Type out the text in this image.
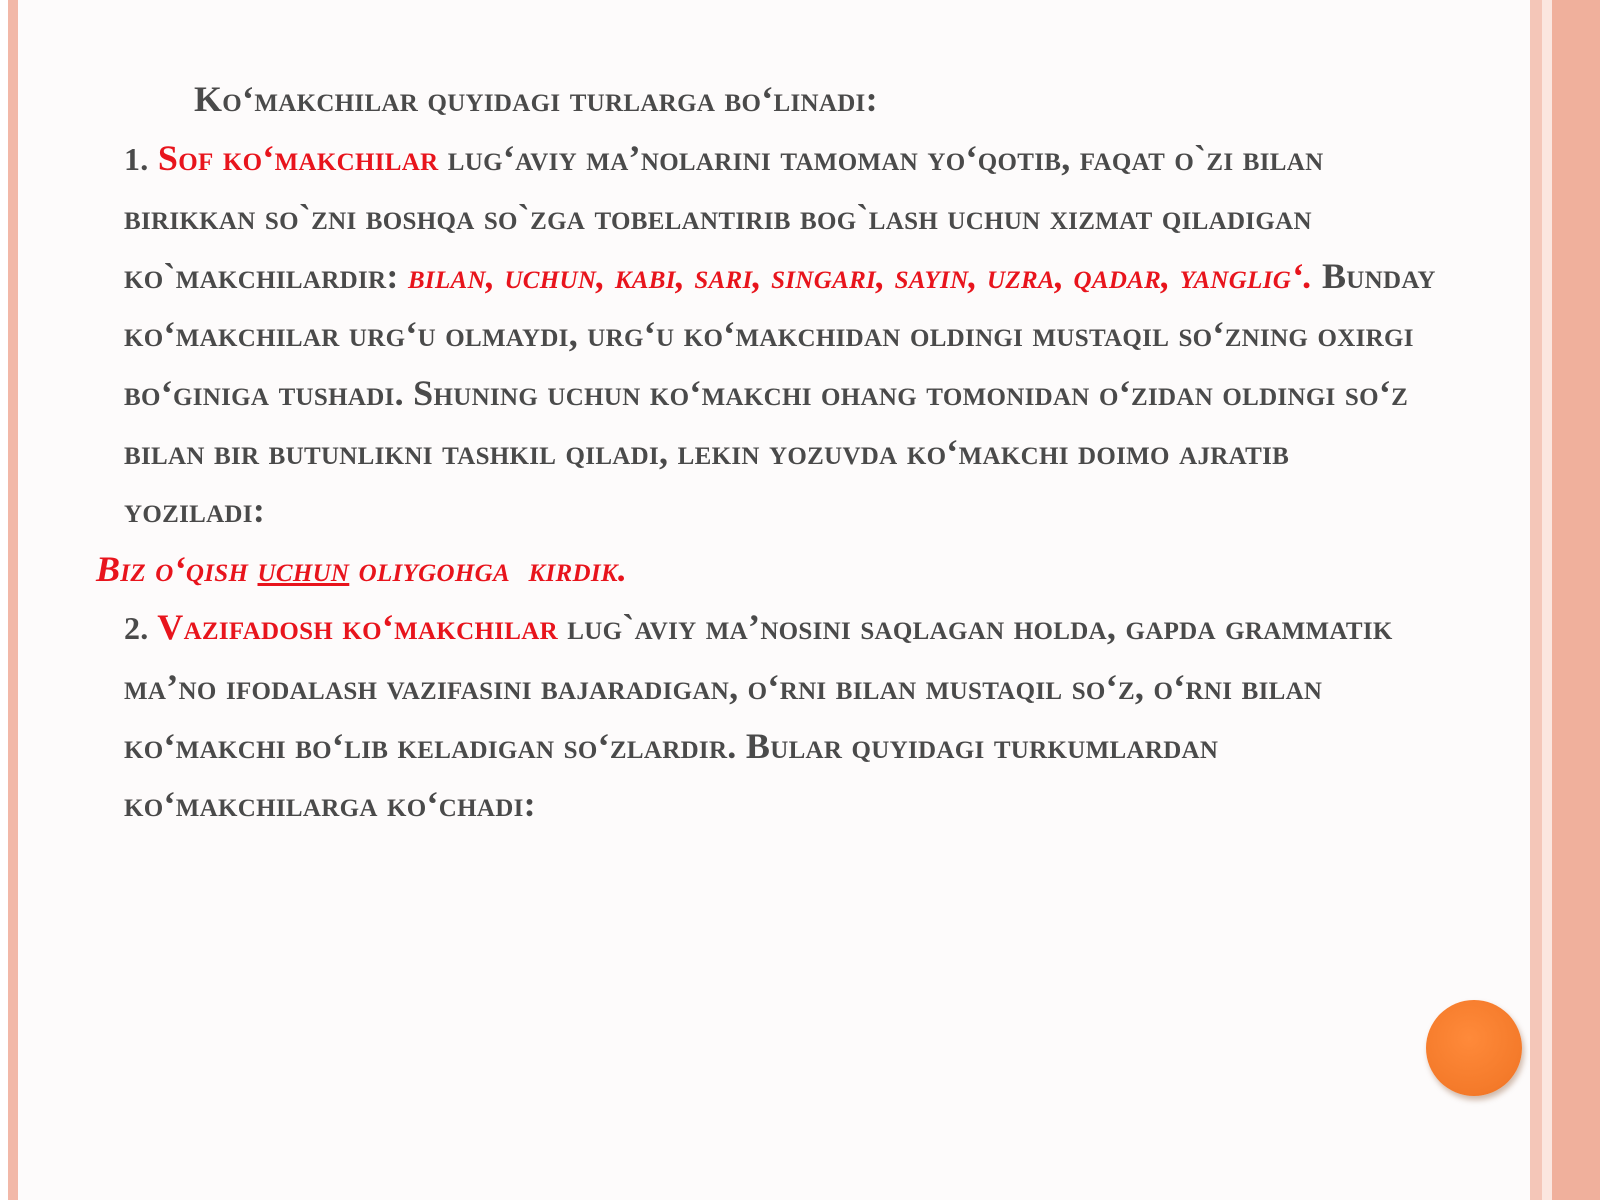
Ko‘makchilar quyidagi turlarga bo‘linadi:

1. Sof ko‘makchilar lug‘aviy ma’nolarini tamoman yo‘qotib, faqat o`zi bilan birikkan so`zni boshqa so`zga tobelantirib bog`lash uchun xizmat qiladigan ko`makchilardir: bilan, uchun, kabi, sari, singari, sayin, uzra, qadar, yanglig‘. Bunday ko‘makchilar urg‘u olmaydi, urg‘u ko‘makchidan oldingi mustaqil so‘zning oxirgi bo‘giniga tushadi. Shuning uchun ko‘makchi ohang tomonidan o‘zidan oldingi so‘z bilan bir butunlikni tashkil qiladi, lekin yozuvda ko‘makchi doimo ajratib yoziladi:

Biz o‘qish uchun oliygohga  kirdik.

2. Vazifadosh ko‘makchilar lug`aviy ma’nosini saqlagan holda, gapda grammatik ma’no ifodalash vazifasini bajaradigan, o‘rni bilan mustaqil so‘z, o‘rni bilan ko‘makchi bo‘lib keladigan so‘zlardir. Bular quyidagi turkumlardan ko‘makchilarga ko‘chadi:
